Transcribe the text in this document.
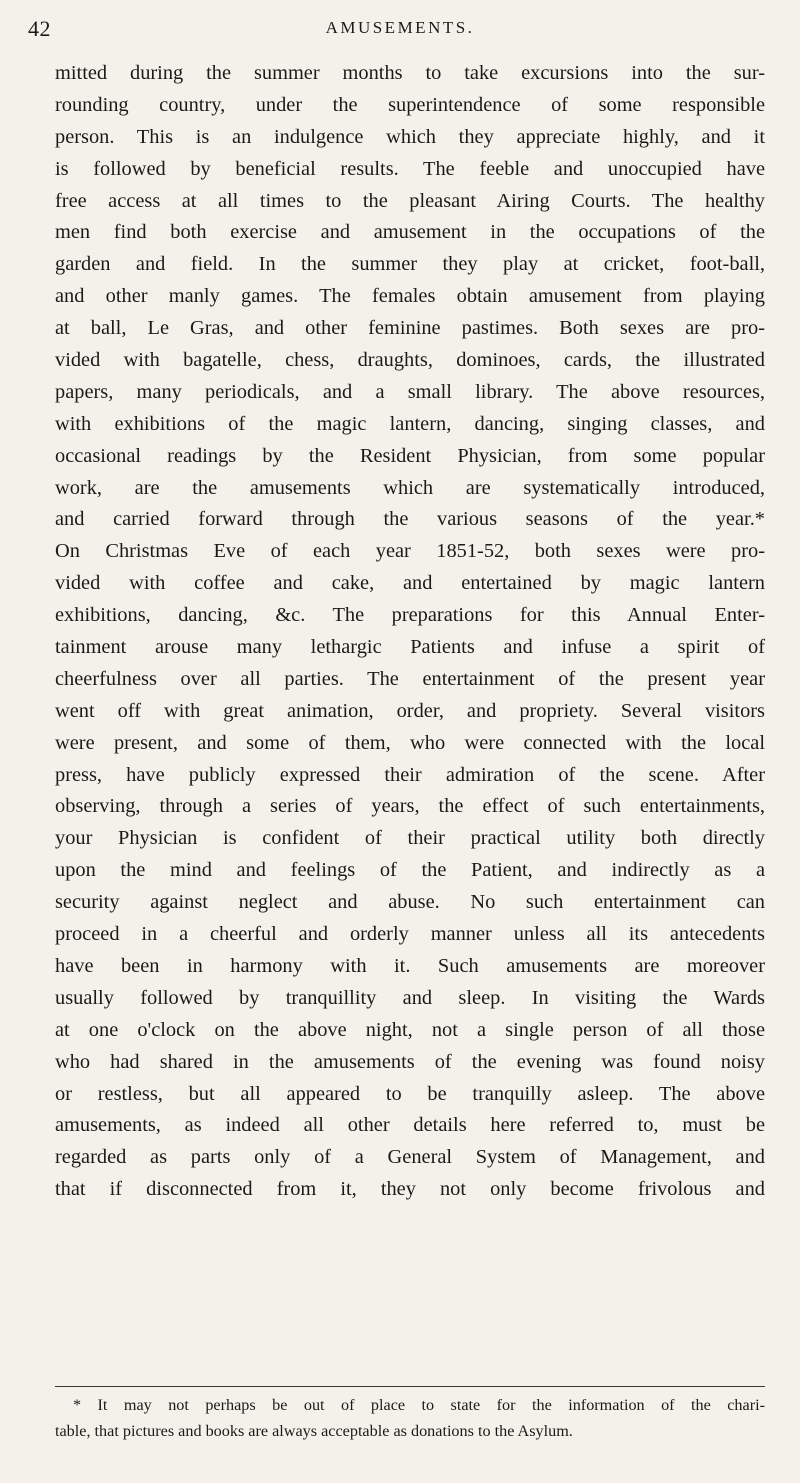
42	AMUSEMENTS.
mitted during the summer months to take excursions into the sur-
rounding country, under the superintendence of some responsible
person. This is an indulgence which they appreciate highly, and it
is followed by beneficial results. The feeble and unoccupied have
free access at all times to the pleasant Airing Courts. The healthy
men find both exercise and amusement in the occupations of the
garden and field. In the summer they play at cricket, foot-ball,
and other manly games. The females obtain amusement from playing
at ball, Le Gras, and other feminine pastimes. Both sexes are pro-
vided with bagatelle, chess, draughts, dominoes, cards, the illustrated
papers, many periodicals, and a small library. The above resources,
with exhibitions of the magic lantern, dancing, singing classes, and
occasional readings by the Resident Physician, from some popular
work, are the amusements which are systematically introduced,
and carried forward through the various seasons of the year.*
On Christmas Eve of each year 1851-52, both sexes were pro-
vided with coffee and cake, and entertained by magic lantern
exhibitions, dancing, &c. The preparations for this Annual Enter-
tainment arouse many lethargic Patients and infuse a spirit of
cheerfulness over all parties. The entertainment of the present year
went off with great animation, order, and propriety. Several visitors
were present, and some of them, who were connected with the local
press, have publicly expressed their admiration of the scene. After
observing, through a series of years, the effect of such entertainments,
your Physician is confident of their practical utility both directly
upon the mind and feelings of the Patient, and indirectly as a
security against neglect and abuse. No such entertainment can
proceed in a cheerful and orderly manner unless all its antecedents
have been in harmony with it. Such amusements are moreover
usually followed by tranquillity and sleep. In visiting the Wards
at one o'clock on the above night, not a single person of all those
who had shared in the amusements of the evening was found noisy
or restless, but all appeared to be tranquilly asleep. The above
amusements, as indeed all other details here referred to, must be
regarded as parts only of a General System of Management, and
that if disconnected from it, they not only become frivolous and
* It may not perhaps be out of place to state for the information of the chari-
table, that pictures and books are always acceptable as donations to the Asylum.
